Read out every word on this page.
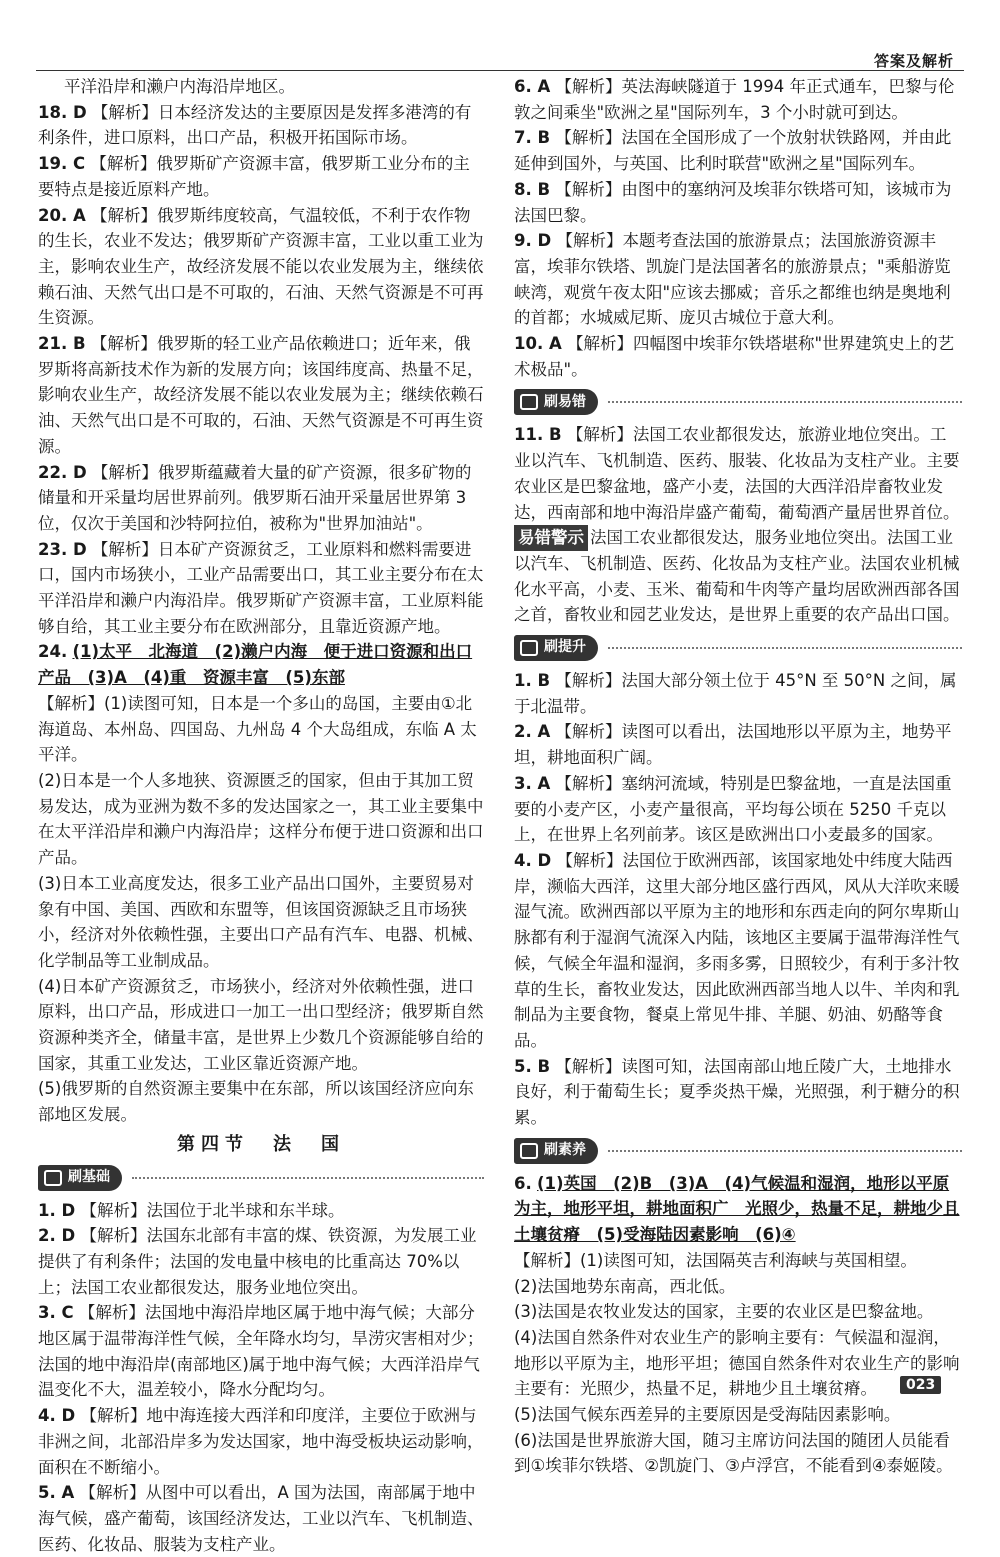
答案及解析

平洋沿岸和濑户内海沿岸地区。

18. D 【解析】日本经济发达的主要原因是发挥多港湾的有利条件，进口原料，出口产品，积极开拓国际市场。

19. C 【解析】俄罗斯矿产资源丰富，俄罗斯工业分布的主要特点是接近原料产地。

20. A 【解析】俄罗斯纬度较高，气温较低，不利于农作物的生长，农业不发达；俄罗斯矿产资源丰富，工业以重工业为主，影响农业生产，故经济发展不能以农业发展为主，继续依赖石油、天然气出口是不可取的，石油、天然气资源是不可再生资源。

21. B 【解析】俄罗斯的轻工业产品依赖进口；近年来，俄罗斯将高新技术作为新的发展方向；该国纬度高、热量不足，影响农业生产，故经济发展不能以农业发展为主；继续依赖石油、天然气出口是不可取的，石油、天然气资源是不可再生资源。

22. D 【解析】俄罗斯蕴藏着大量的矿产资源，很多矿物的储量和开采量均居世界前列。俄罗斯石油开采量居世界第 3 位，仅次于美国和沙特阿拉伯，被称为"世界加油站"。

23. D 【解析】日本矿产资源贫乏，工业原料和燃料需要进口，国内市场狭小，工业产品需要出口，其工业主要分布在太平洋沿岸和濑户内海沿岸。俄罗斯矿产资源丰富，工业原料能够自给，其工业主要分布在欧洲部分，且靠近资源产地。

24. (1)太平　北海道　(2)濑户内海　便于进口资源和出口产品　(3)A　(4)重　资源丰富　(5)东部

【解析】(1)读图可知，日本是一个多山的岛国，主要由①北海道岛、本州岛、四国岛、九州岛 4 个大岛组成，东临 A 太平洋。

(2)日本是一个人多地狭、资源匮乏的国家，但由于其加工贸易发达，成为亚洲为数不多的发达国家之一，其工业主要集中在太平洋沿岸和濑户内海沿岸；这样分布便于进口资源和出口产品。

(3)日本工业高度发达，很多工业产品出口国外，主要贸易对象有中国、美国、西欧和东盟等，但该国资源缺乏且市场狭小，经济对外依赖性强，主要出口产品有汽车、电器、机械、化学制品等工业制成品。

(4)日本矿产资源贫乏，市场狭小，经济对外依赖性强，进口原料，出口产品，形成进口一加工一出口型经济；俄罗斯自然资源种类齐全，储量丰富，是世界上少数几个资源能够自给的国家，其重工业发达，工业区靠近资源产地。

(5)俄罗斯的自然资源主要集中在东部，所以该国经济应向东部地区发展。

第四节　法　国
刷基础

1. D 【解析】法国位于北半球和东半球。

2. D 【解析】法国东北部有丰富的煤、铁资源，为发展工业提供了有利条件；法国的发电量中核电的比重高达 70%以上；法国工农业都很发达，服务业地位突出。

3. C 【解析】法国地中海沿岸地区属于地中海气候；大部分地区属于温带海洋性气候，全年降水均匀，旱涝灾害相对少；法国的地中海沿岸(南部地区)属于地中海气候；大西洋沿岸气温变化不大，温差较小，降水分配均匀。

4. D 【解析】地中海连接大西洋和印度洋，主要位于欧洲与非洲之间，北部沿岸多为发达国家，地中海受板块运动影响，面积在不断缩小。

5. A 【解析】从图中可以看出，A 国为法国，南部属于地中海气候，盛产葡萄，该国经济发达，工业以汽车、飞机制造、医药、化妆品、服装为支柱产业。

6. A 【解析】英法海峡隧道于 1994 年正式通车，巴黎与伦敦之间乘坐"欧洲之星"国际列车，3 个小时就可到达。

7. B 【解析】法国在全国形成了一个放射状铁路网，并由此延伸到国外，与英国、比利时联营"欧洲之星"国际列车。

8. B 【解析】由图中的塞纳河及埃菲尔铁塔可知，该城市为法国巴黎。

9. D 【解析】本题考查法国的旅游景点；法国旅游资源丰富，埃菲尔铁塔、凯旋门是法国著名的旅游景点；"乘船游览峡湾，观赏午夜太阳"应该去挪威；音乐之都维也纳是奥地利的首都；水城威尼斯、庞贝古城位于意大利。

10. A 【解析】四幅图中埃菲尔铁塔堪称"世界建筑史上的艺术极品"。

刷易错

11. B 【解析】法国工农业都很发达，旅游业地位突出。工业以汽车、飞机制造、医药、服装、化妆品为支柱产业。主要农业区是巴黎盆地，盛产小麦，法国的大西洋沿岸畜牧业发达，西南部和地中海沿岸盛产葡萄，葡萄酒产量居世界首位。

易错警示 法国工农业都很发达，服务业地位突出。法国工业以汽车、飞机制造、医药、化妆品为支柱产业。法国农业机械化水平高，小麦、玉米、葡萄和牛肉等产量均居欧洲西部各国之首，畜牧业和园艺业发达，是世界上重要的农产品出口国。

刷提升

1. B 【解析】法国大部分领土位于 45°N 至 50°N 之间，属于北温带。

2. A 【解析】读图可以看出，法国地形以平原为主，地势平坦，耕地面积广阔。

3. A 【解析】塞纳河流域，特别是巴黎盆地，一直是法国重要的小麦产区，小麦产量很高，平均每公顷在 5250 千克以上，在世界上名列前茅。该区是欧洲出口小麦最多的国家。

4. D 【解析】法国位于欧洲西部，该国家地处中纬度大陆西岸，濒临大西洋，这里大部分地区盛行西风，风从大洋吹来暖湿气流。欧洲西部以平原为主的地形和东西走向的阿尔卑斯山脉都有利于湿润气流深入内陆，该地区主要属于温带海洋性气候，气候全年温和湿润，多雨多雾，日照较少，有利于多汁牧草的生长，畜牧业发达，因此欧洲西部当地人以牛、羊肉和乳制品为主要食物，餐桌上常见牛排、羊腿、奶油、奶酪等食品。

5. B 【解析】读图可知，法国南部山地丘陵广大，土地排水良好，利于葡萄生长；夏季炎热干燥，光照强，利于糖分的积累。

刷素养

6. (1)英国　(2)B　(3)A　(4)气候温和湿润，地形以平原为主，地形平坦，耕地面积广　光照少，热量不足，耕地少且土壤贫瘠　(5)受海陆因素影响　(6)④

【解析】(1)读图可知，法国隔英吉利海峡与英国相望。

(2)法国地势东南高，西北低。

(3)法国是农牧业发达的国家，主要的农业区是巴黎盆地。

(4)法国自然条件对农业生产的影响主要有：气候温和湿润，地形以平原为主，地形平坦；德国自然条件对农业生产的影响主要有：光照少，热量不足，耕地少且土壤贫瘠。

(5)法国气候东西差异的主要原因是受海陆因素影响。

(6)法国是世界旅游大国，随习主席访问法国的随团人员能看到①埃菲尔铁塔、②凯旋门、③卢浮宫，不能看到④泰姬陵。

023
